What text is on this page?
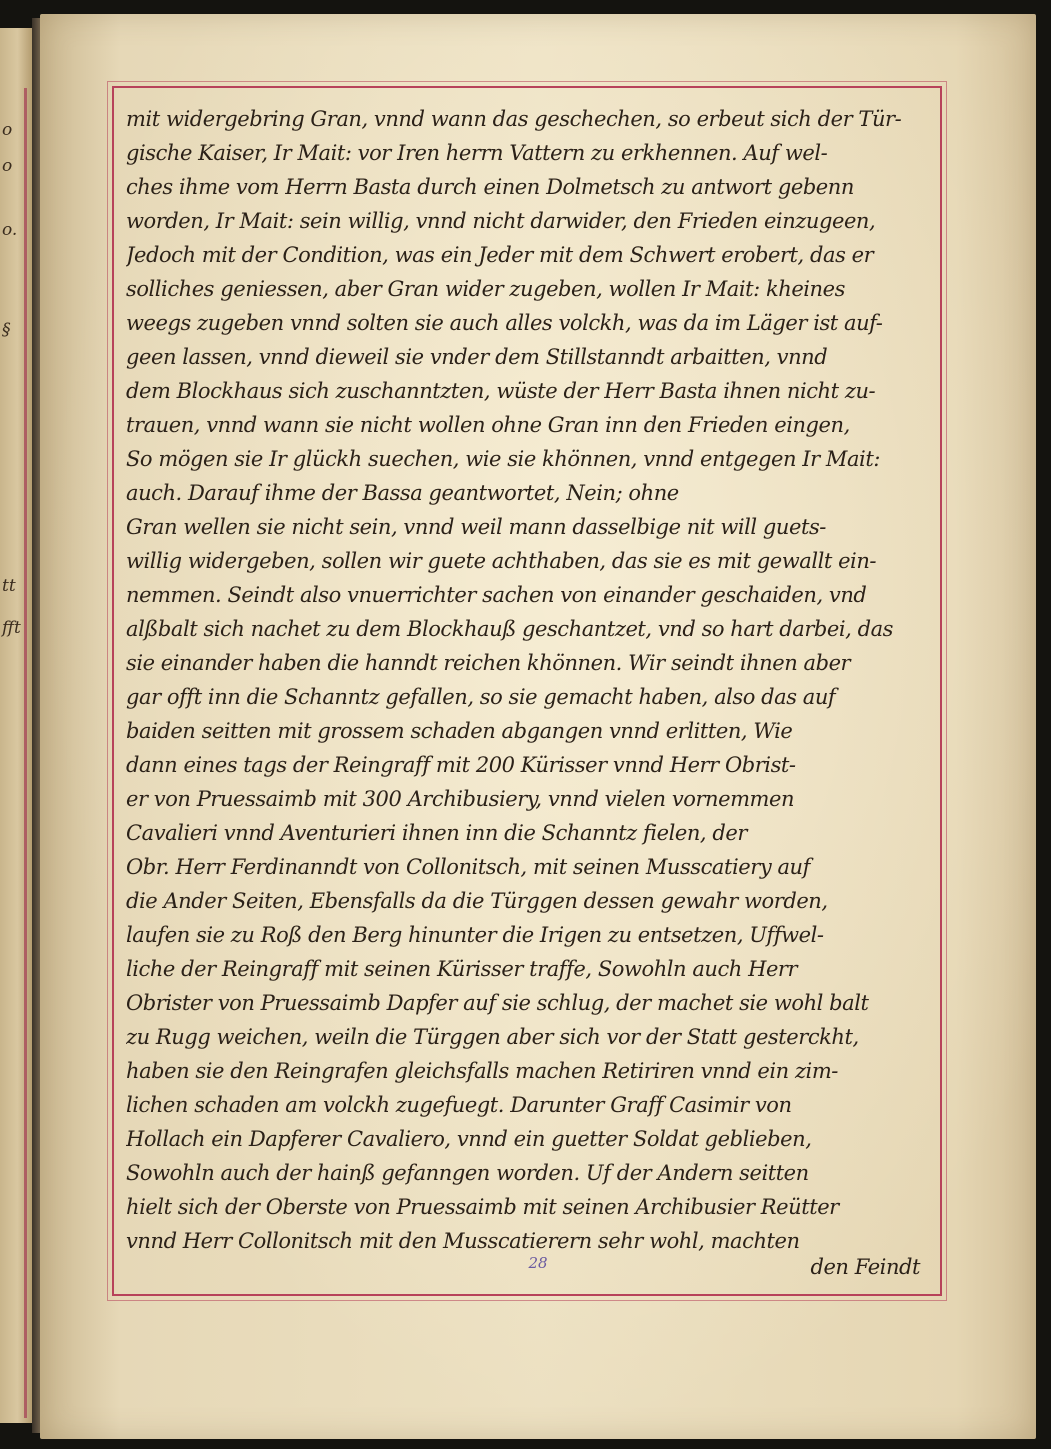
o
o
o.
§
tt
fft
mit widergebring Gran, vnnd wann das geschechen, so erbeut sich der Tür-
gische Kaiser, Ir Mait: vor Iren herrn Vattern zu erkhennen. Auf wel-
ches ihme vom Herrn Basta durch einen Dolmetsch zu antwort gebenn
worden, Ir Mait: sein willig, vnnd nicht darwider, den Frieden einzugeen,
Jedoch mit der Condition, was ein Jeder mit dem Schwert erobert, das er
solliches geniessen, aber Gran wider zugeben, wollen Ir Mait: kheines
weegs zugeben vnnd solten sie auch alles volckh, was da im Läger ist auf-
geen lassen, vnnd dieweil sie vnder dem Stillstanndt arbaitten, vnnd
dem Blockhaus sich zuschanntzten, wüste der Herr Basta ihnen nicht zu-
trauen, vnnd wann sie nicht wollen ohne Gran inn den Frieden eingen,
So mögen sie Ir glückh suechen, wie sie khönnen, vnnd entgegen Ir Mait:
auch. Darauf ihme der Bassa geantwortet, Nein; ohne
Gran wellen sie nicht sein, vnnd weil mann dasselbige nit will guets-
willig widergeben, sollen wir guete achthaben, das sie es mit gewallt ein-
nemmen. Seindt also vnuerrichter sachen von einander geschaiden, vnd
alßbalt sich nachet zu dem Blockhauß geschantzet, vnd so hart darbei, das
sie einander haben die hanndt reichen khönnen. Wir seindt ihnen aber
gar offt inn die Schanntz gefallen, so sie gemacht haben, also das auf
baiden seitten mit grossem schaden abgangen vnnd erlitten, Wie
dann eines tags der Reingraff mit 200 Kürisser vnnd Herr Obrist-
er von Pruessaimb mit 300 Archibusiery, vnnd vielen vornemmen
Cavalieri vnnd Aventurieri ihnen inn die Schanntz fielen, der
Obr. Herr Ferdinanndt von Collonitsch, mit seinen Musscatiery auf
die Ander Seiten, Ebensfalls da die Türggen dessen gewahr worden,
laufen sie zu Roß den Berg hinunter die Irigen zu entsetzen, Uffwel-
liche der Reingraff mit seinen Kürisser traffe, Sowohln auch Herr
Obrister von Pruessaimb Dapfer auf sie schlug, der machet sie wohl balt
zu Rugg weichen, weiln die Türggen aber sich vor der Statt gesterckht,
haben sie den Reingrafen gleichsfalls machen Retiriren vnnd ein zim-
lichen schaden am volckh zugefuegt. Darunter Graff Casimir von
Hollach ein Dapferer Cavaliero, vnnd ein guetter Soldat geblieben,
Sowohln auch der hainß gefanngen worden. Uf der Andern seitten
hielt sich der Oberste von Pruessaimb mit seinen Archibusier Reütter
vnnd Herr Collonitsch mit den Musscatierern sehr wohl, machten
den Feindt
28
